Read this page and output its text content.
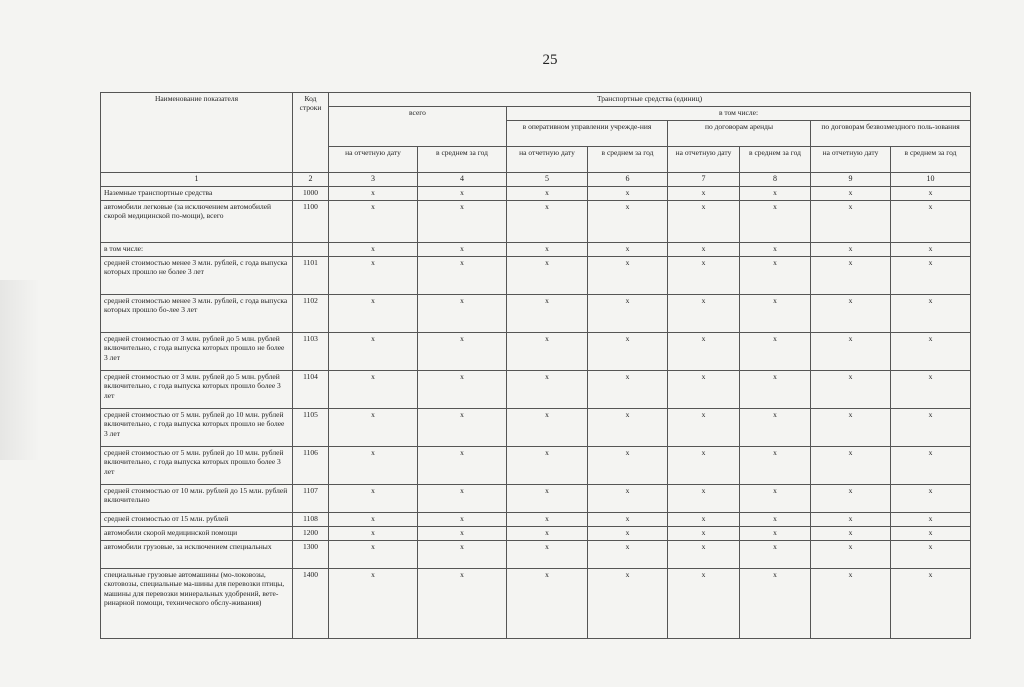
25
Наименование показателя	Код строки	Транспортные средства (единиц)							
		всего		в том числе:					
				в оперативном управлении учрежде-ния		по договорам аренды		по договорам безвозмездного поль-зования	
		на отчетную дату	в среднем за год	на отчетную дату	в среднем за год	на отчетную дату	в среднем за год	на отчетную дату	в среднем за год
1	2	3	4	5	6	7	8	9	10
Наземные транспортные средства	1000	x	x	x	x	x	x	x	x
автомобили легковые (за исключением автомобилей скорой медицинской по-мощи), всего	1100	x	x	x	x	x	x	x	x
в том числе:		x	x	x	x	x	x	x	x
средней стоимостью менее 3 млн. рублей, с года выпуска которых прошло не более 3 лет	1101	x	x	x	x	x	x	x	x
средней стоимостью менее 3 млн. рублей, с года выпуска которых прошло бо-лее 3 лет	1102	x	x	x	x	x	x	x	x
средней стоимостью от 3 млн. рублей до 5 млн. рублей включительно, с года выпуска которых прошло не более 3 лет	1103	x	x	x	x	x	x	x	x
средней стоимостью от 3 млн. рублей до 5 млн. рублей включительно, с года выпуска которых прошло более 3 лет	1104	x	x	x	x	x	x	x	x
средней стоимостью от 5 млн. рублей до 10 млн. рублей включительно, с года выпуска которых прошло не более 3 лет	1105	x	x	x	x	x	x	x	x
средней стоимостью от 5 млн. рублей до 10 млн. рублей включительно, с года выпуска которых прошло более 3 лет	1106	x	x	x	x	x	x	x	x
средней стоимостью от 10 млн. рублей до 15 млн. рублей включительно	1107	x	x	x	x	x	x	x	x
средней стоимостью от 15 млн. рублей	1108	x	x	x	x	x	x	x	x
автомобили скорой медицинской помощи	1200	x	x	x	x	x	x	x	x
автомобили грузовые, за исключением специальных	1300	x	x	x	x	x	x	x	x
специальные грузовые автомашины (мо-локовозы, скотовозы, специальные ма-шины для перевозки птицы, машины для перевозки минеральных удобрений, вете-ринарной помощи, технического обслу-живания)	1400	x	x	x	x	x	x	x	x
